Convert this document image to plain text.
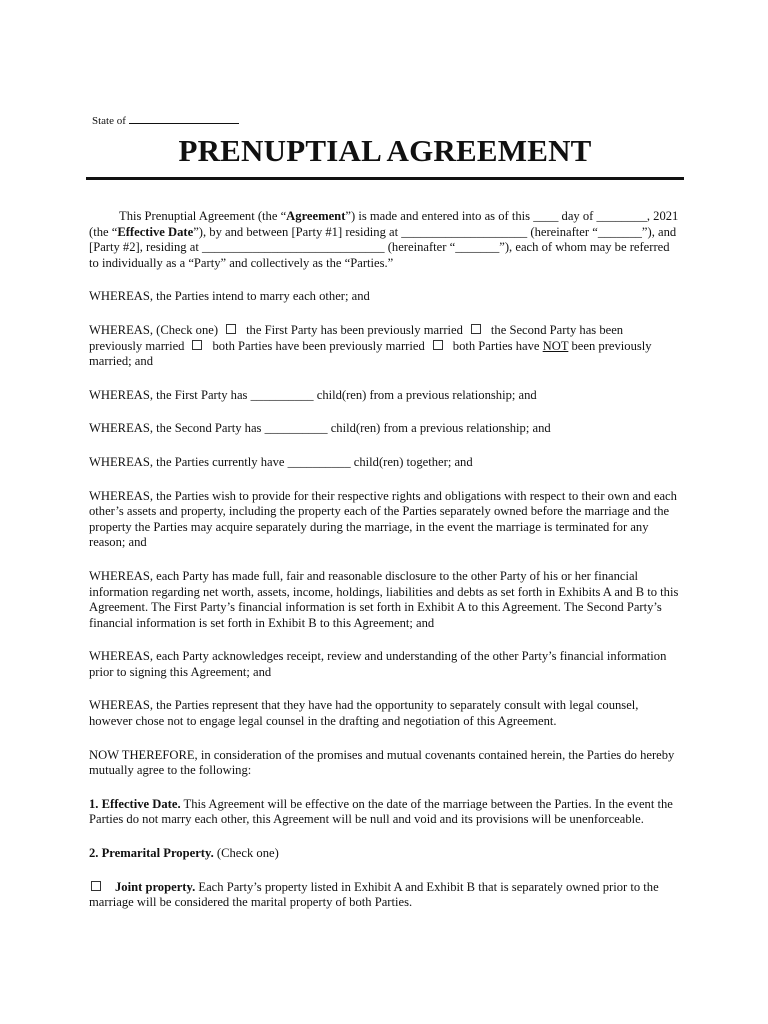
State of
PRENUPTIAL AGREEMENT

This Prenuptial Agreement (the “Agreement”) is made and entered into as of this ____ day of ________, 2021 (the “Effective Date”), by and between [Party #1] residing at ____________________ (hereinafter “_______”), and [Party #2], residing at _____________________________ (hereinafter “_______”), each of whom may be referred to individually as a “Party” and collectively as the “Parties.”

WHEREAS, the Parties intend to marry each other; and

WHEREAS, (Check one) the First Party has been previously married the Second Party has been previously married both Parties have been previously married both Parties have NOT been previously married; and

WHEREAS, the First Party has __________ child(ren) from a previous relationship; and

WHEREAS, the Second Party has __________ child(ren) from a previous relationship; and

WHEREAS, the Parties currently have __________ child(ren) together; and

WHEREAS, the Parties wish to provide for their respective rights and obligations with respect to their own and each other’s assets and property, including the property each of the Parties separately owned before the marriage and the property the Parties may acquire separately during the marriage, in the event the marriage is terminated for any reason; and

WHEREAS, each Party has made full, fair and reasonable disclosure to the other Party of his or her financial information regarding net worth, assets, income, holdings, liabilities and debts as set forth in Exhibits A and B to this Agreement. The First Party’s financial information is set forth in Exhibit A to this Agreement. The Second Party’s financial information is set forth in Exhibit B to this Agreement; and

WHEREAS, each Party acknowledges receipt, review and understanding of the other Party’s financial information prior to signing this Agreement; and

WHEREAS, the Parties represent that they have had the opportunity to separately consult with legal counsel, however chose not to engage legal counsel in the drafting and negotiation of this Agreement.

NOW THEREFORE, in consideration of the promises and mutual covenants contained herein, the Parties do hereby mutually agree to the following:

1. Effective Date. This Agreement will be effective on the date of the marriage between the Parties. In the event the Parties do not marry each other, this Agreement will be null and void and its provisions will be unenforceable.

2. Premarital Property. (Check one)

Joint property. Each Party’s property listed in Exhibit A and Exhibit B that is separately owned prior to the marriage will be considered the marital property of both Parties.
